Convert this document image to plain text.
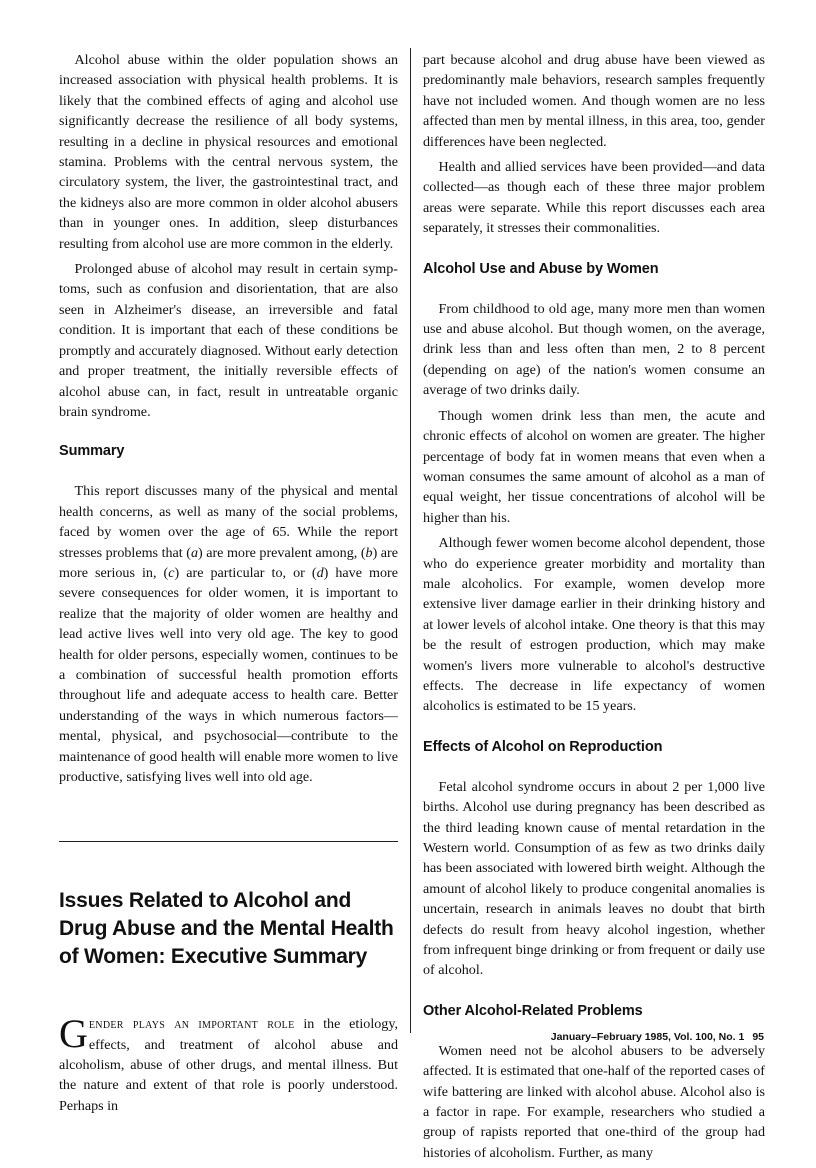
Alcohol abuse within the older population shows an increased association with physical health problems. It is likely that the combined effects of aging and alcohol use significantly decrease the resilience of all body systems, resulting in a decline in physical resources and emotional stamina. Problems with the central nervous system, the circulatory system, the liver, the gastrointestinal tract, and the kidneys also are more common in older alcohol abusers than in younger ones. In addition, sleep disturbances resulting from alcohol use are more common in the elderly.

Prolonged abuse of alcohol may result in certain symptoms, such as confusion and disorientation, that are also seen in Alzheimer's disease, an irreversible and fatal condition. It is important that each of these conditions be promptly and accurately diagnosed. Without early detection and proper treatment, the initially reversible effects of alcohol abuse can, in fact, result in untreatable organic brain syndrome.

Summary

This report discusses many of the physical and mental health concerns, as well as many of the social problems, faced by women over the age of 65. While the report stresses problems that (a) are more prevalent among, (b) are more serious in, (c) are particular to, or (d) have more severe consequences for older women, it is important to realize that the majority of older women are healthy and lead active lives well into very old age. The key to good health for older persons, especially women, continues to be a combination of successful health promotion efforts throughout life and adequate access to health care. Better understanding of the ways in which numerous factors—mental, physical, and psychosocial—contribute to the maintenance of good health will enable more women to live productive, satisfying lives well into old age.

Issues Related to Alcohol and Drug Abuse and the Mental Health of Women: Executive Summary

Gender plays an important role in the etiology, effects, and treatment of alcohol abuse and alcoholism, abuse of other drugs, and mental illness. But the nature and extent of that role is poorly understood. Perhaps in

part because alcohol and drug abuse have been viewed as predominantly male behaviors, research samples frequently have not included women. And though women are no less affected than men by mental illness, in this area, too, gender differences have been neglected.

Health and allied services have been provided—and data collected—as though each of these three major problem areas were separate. While this report discusses each area separately, it stresses their commonalities.

Alcohol Use and Abuse by Women

From childhood to old age, many more men than women use and abuse alcohol. But though women, on the average, drink less than and less often than men, 2 to 8 percent (depending on age) of the nation's women consume an average of two drinks daily.

Though women drink less than men, the acute and chronic effects of alcohol on women are greater. The higher percentage of body fat in women means that even when a woman consumes the same amount of alcohol as a man of equal weight, her tissue concentrations of alcohol will be higher than his.

Although fewer women become alcohol dependent, those who do experience greater morbidity and mortality than male alcoholics. For example, women develop more extensive liver damage earlier in their drinking history and at lower levels of alcohol intake. One theory is that this may be the result of estrogen production, which may make women's livers more vulnerable to alcohol's destructive effects. The decrease in life expectancy of women alcoholics is estimated to be 15 years.

Effects of Alcohol on Reproduction

Fetal alcohol syndrome occurs in about 2 per 1,000 live births. Alcohol use during pregnancy has been described as the third leading known cause of mental retardation in the Western world. Consumption of as few as two drinks daily has been associated with lowered birth weight. Although the amount of alcohol likely to produce congenital anomalies is uncertain, research in animals leaves no doubt that birth defects do result from heavy alcohol ingestion, whether from infrequent binge drinking or from frequent or daily use of alcohol.

Other Alcohol-Related Problems

Women need not be alcohol abusers to be adversely affected. It is estimated that one-half of the reported cases of wife battering are linked with alcohol abuse. Alcohol also is a factor in rape. For example, researchers who studied a group of rapists reported that one-third of the group had histories of alcoholism. Further, as many

January–February 1985, Vol. 100, No. 1 95
